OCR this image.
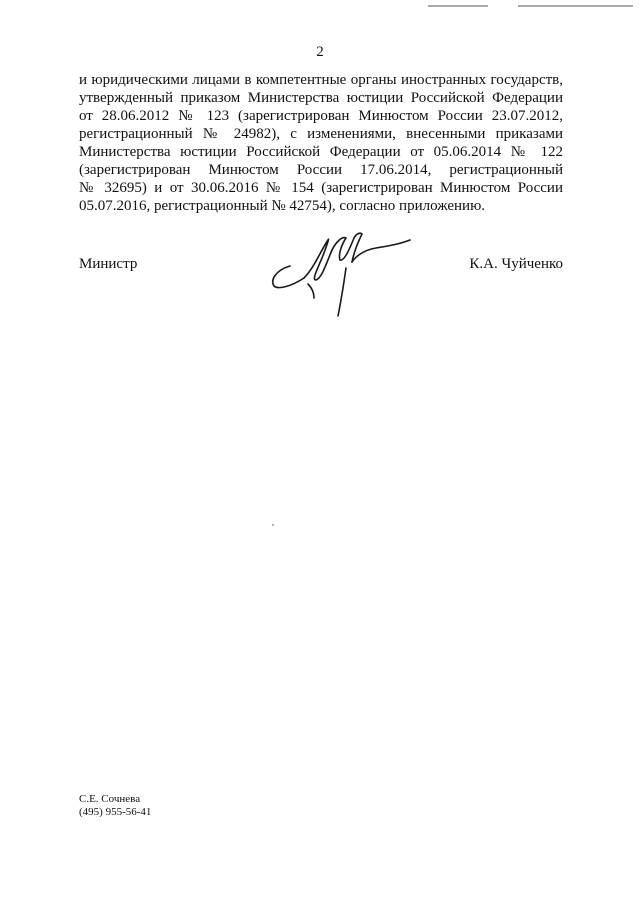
2
и юридическими лицами в компетентные органы иностранных государств,
утвержденный приказом Министерства юстиции Российской Федерации
от 28.06.2012 № 123 (зарегистрирован Минюстом России 23.07.2012,
регистрационный № 24982), с изменениями, внесенными приказами
Министерства юстиции Российской Федерации от 05.06.2014 № 122
(зарегистрирован Минюстом России 17.06.2014, регистрационный
№ 32695) и от 30.06.2016 № 154 (зарегистрирован Минюстом России
05.07.2016, регистрационный № 42754), согласно приложению.
Министр	К.А. Чуйченко
С.Е. Сочнева
(495) 955-56-41
